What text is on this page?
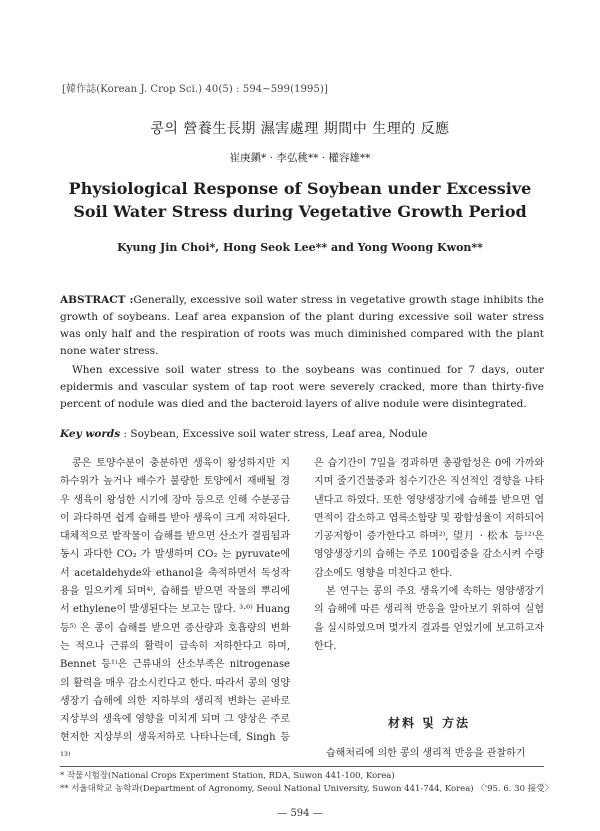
[韓作誌(Korean J. Crop Sci.) 40(5) : 594~599(1995)]
콩의 營養生長期 濕害處理 期間中 生理的 反應
崔庚鎭* · 李弘䄻** · 權容雄**
Physiological Response of Soybean under Excessive
Soil Water Stress during Vegetative Growth Period
Kyung Jin Choi*, Hong Seok Lee** and Yong Woong Kwon**

ABSTRACT :Generally, excessive soil water stress in vegetative growth stage inhibits the growth of soybeans. Leaf area expansion of the plant during excessive soil water stress was only half and the respiration of roots was much diminished compared with the plant none water stress.

When excessive soil water stress to the soybeans was continued for 7 days, outer epidermis and vascular system of tap root were severely cracked, more than thirty-five percent of nodule was died and the bacteroid layers of alive nodule were disintegrated.

Key words : Soybean, Excessive soil water stress, Leaf area, Nodule

콩은 토양수분이 충분하면 생육이 왕성하지만 지하수위가 높거나 배수가 불량한 토양에서 재배될 경우 생육이 왕성한 시기에 장마 등으로 인해 수분공급이 과다하면 쉽게 습해를 받아 생육이 크게 저하된다. 대체적으로 밭작물이 습해를 받으면 산소가 결핍됨과 동시 과다한 CO₂ 가 발생하며 CO₂ 는 pyruvate에서 acetaldehyde와 ethanol을 축적하면서 독성작용을 일으키게 되며⁴⁾, 습해를 받으면 작물의 뿌리에서 ethylene이 발생된다는 보고는 많다. ³·⁶⁾ Huang 등⁵⁾ 은 콩이 습해를 받으면 증산량과 호흡량의 변화는 적으나 근류의 활력이 급속히 저하한다고 하며, Bennet 등¹⁾은 근류내의 산소부족은 nitrogenase의 활력을 매우 감소시킨다고 한다. 따라서 콩의 영양생장기 습해에 의한 지하부의 생리적 변화는 곧바로 지상부의 생육에 영향을 미치게 되며 그 양상은 주로 현저한 지상부의 생육저하로 나타나는데, Singh 등¹³⁾

은 습기간이 7일을 경과하면 총광합성은 0에 가까와지며 줄기건물중과 침수기간은 직선적인 경향을 나타낸다고 하였다. 또한 영양생장기에 습해를 받으면 엽면적이 감소하고 엽록소함량 및 광합성율이 저하되어 기공저항이 증가한다고 하며²⁾, 望月 · 松本 등¹²⁾은 영양생장기의 습해는 주로 100립중을 감소시켜 수량감소에도 영향을 미친다고 한다.

본 연구는 콩의 주요 생육기에 속하는 영양생장기의 습해에 따른 생리적 반응을 알아보기 위하여 실험을 실시하였으며 몇가지 결과를 얻었기에 보고하고자 한다.

材料 및 方法
습해처리에 의한 콩의 생리적 반응을 관찰하기
* 작물시험장(National Crops Experiment Station, RDA, Suwon 441-100, Korea)
** 서울대학교 농학과(Department of Agronomy, Seoul National University, Suwon 441-744, Korea) 〈'95. 6. 30 接受〉
— 594 —
